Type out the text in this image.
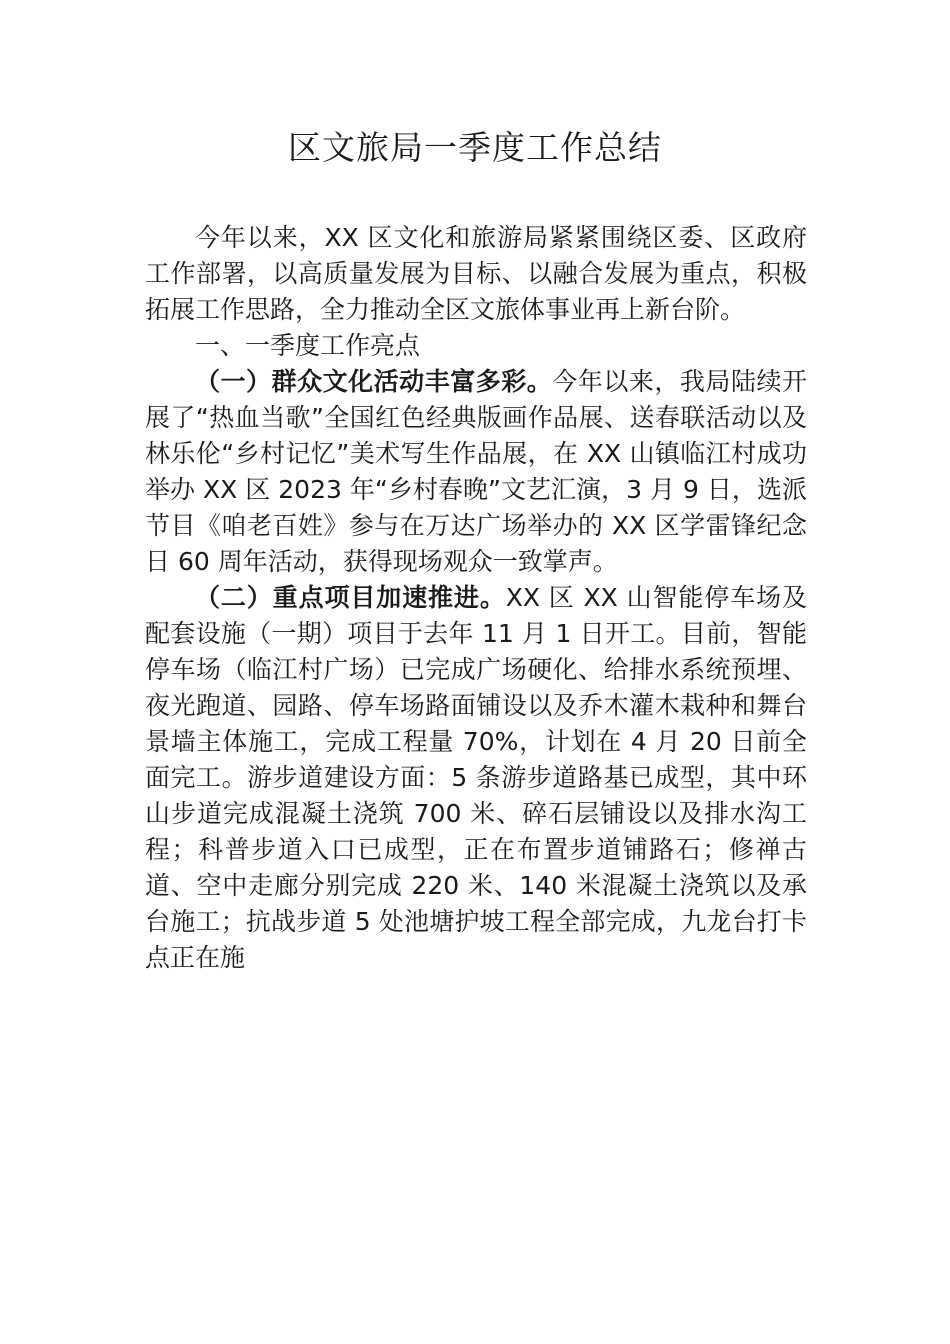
区文旅局一季度工作总结

今年以来，XX 区文化和旅游局紧紧围绕区委、区政府工作部署，以高质量发展为目标、以融合发展为重点，积极拓展工作思路，全力推动全区文旅体事业再上新台阶。

一、一季度工作亮点

（一）群众文化活动丰富多彩。今年以来，我局陆续开展了“热血当歌”全国红色经典版画作品展、送春联活动以及林乐伦“乡村记忆”美术写生作品展，在 XX 山镇临江村成功举办 XX 区 2023 年“乡村春晚”文艺汇演，3 月 9 日，选派节目《咱老百姓》参与在万达广场举办的 XX 区学雷锋纪念日 60 周年活动，获得现场观众一致掌声。

（二）重点项目加速推进。XX 区 XX 山智能停车场及配套设施（一期）项目于去年 11 月 1 日开工。目前，智能停车场（临江村广场）已完成广场硬化、给排水系统预埋、夜光跑道、园路、停车场路面铺设以及乔木灌木栽种和舞台景墙主体施工，完成工程量 70%，计划在 4 月 20 日前全面完工。游步道建设方面：5 条游步道路基已成型，其中环山步道完成混凝土浇筑 700 米、碎石层铺设以及排水沟工程；科普步道入口已成型，正在布置步道铺路石；修禅古道、空中走廊分别完成 220 米、140 米混凝土浇筑以及承台施工；抗战步道 5 处池塘护坡工程全部完成，九龙台打卡点正在施
